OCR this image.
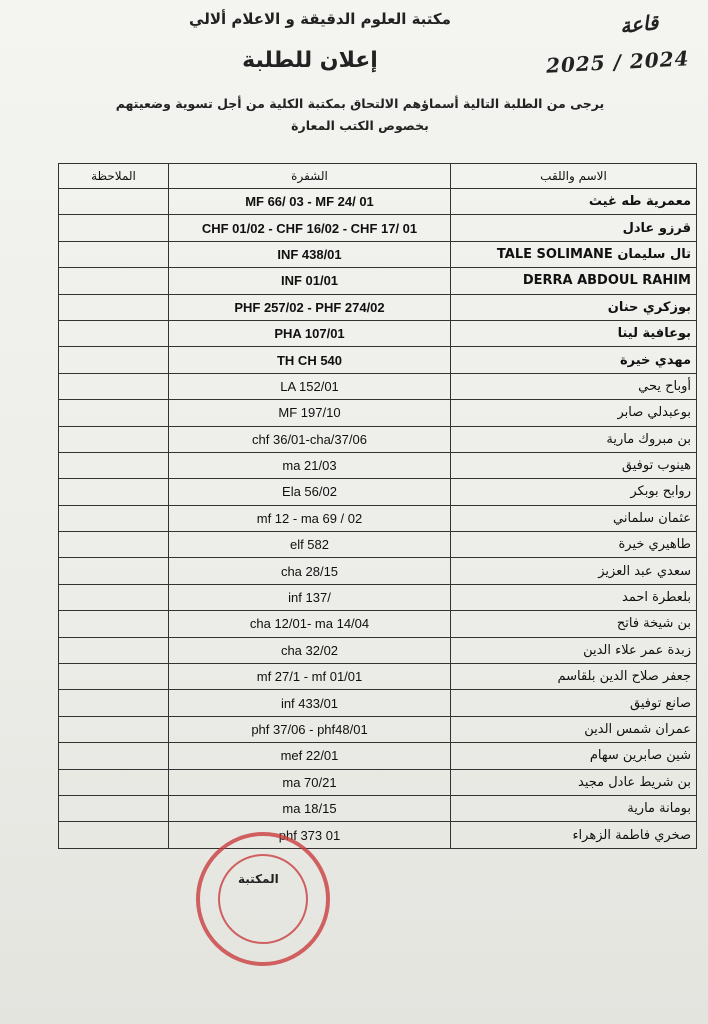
قاعة
2025 / 2024
مكتبة العلوم الدقيقة و الاعلام ألالي
إعلان للطلبة
يرجى من الطلبة التالية أسماؤهم الالتحاق بمكتبة الكلية من أجل تسوية وضعيتهم
بخصوص الكتب المعارة
الملاحظة	الشفرة	الاسم واللقب
	MF 66/ 03 - MF 24/ 01	معمرية طه غيث
	CHF 01/02 - CHF 16/02 - CHF 17/ 01	قرزو عادل
	INF 438/01	تال سليمان TALE SOLIMANE
	INF 01/01	DERRA ABDOUL RAHIM
	PHF 257/02 - PHF 274/02	بوزكري حنان
	PHA 107/01	بوعافية لينا
	TH CH 540	مهدي خيرة
	LA 152/01	أوباح يحي
	MF 197/10	بوعبدلي صابر
	chf 36/01-cha/37/06	بن مبروك مارية
	ma 21/03	هينوب توفيق
	Ela 56/02	روابح بوبكر
	mf 12 - ma 69 / 02	عثمان سلماني
	elf 582	طاهيري خيرة
	cha 28/15	سعدي عبد العزيز
	inf 137/	بلعطرة احمد
	cha 12/01- ma 14/04	بن شيخة فاتح
	cha 32/02	زبدة عمر علاء الدين
	mf 27/1 - mf 01/01	جعفر صلاح الدين بلقاسم
	inf 433/01	صانع توفيق
	phf 37/06 - phf48/01	عمران شمس الدين
	mef 22/01	شين صابرين سهام
	ma 70/21	بن شريط عادل مجيد
	ma 18/15	بومانة مارية
	phf 373 01	صخري فاطمة الزهراء
المكتبة
